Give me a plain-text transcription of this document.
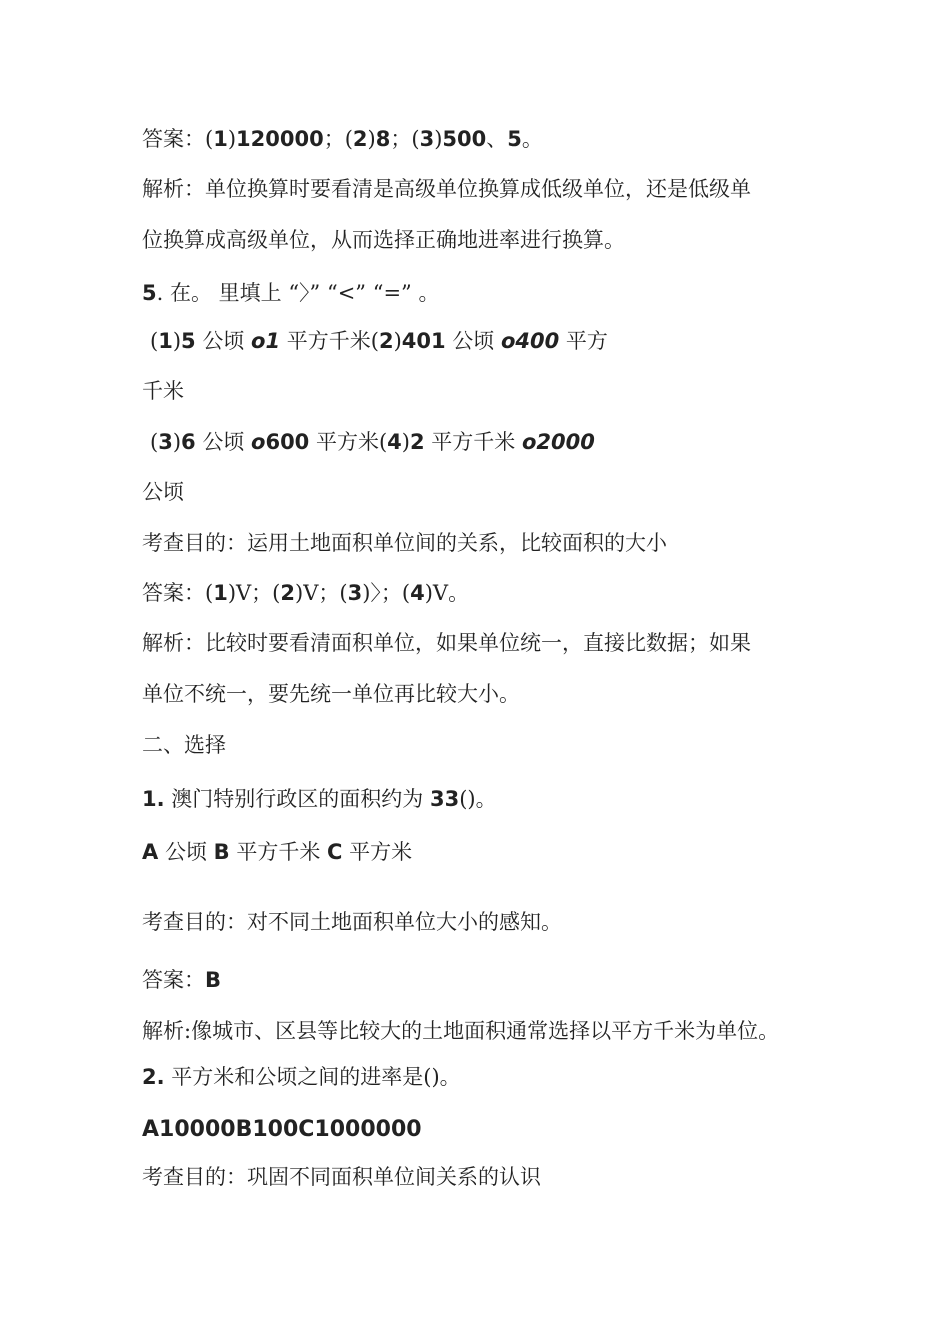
答案：(1)120000；(2)8；(3)500、5。

解析：单位换算时要看清是高级单位换算成低级单位，还是低级单

位换算成高级单位，从而选择正确地进率进行换算。

5. 在。 里填上 “〉” “<” “=” 。

(1)5 公顷 o1 平方千米(2)401 公顷 o400 平方

千米

(3)6 公顷 o600 平方米(4)2 平方千米 o2000

公顷

考查目的：运用土地面积单位间的关系，比较面积的大小

答案：(1)V；(2)V；(3)〉；(4)V。

解析：比较时要看清面积单位，如果单位统一，直接比数据；如果

单位不统一，要先统一单位再比较大小。

二、选择

1. 澳门特别行政区的面积约为 33()。

A 公顷 B 平方千米 C 平方米

考查目的：对不同土地面积单位大小的感知。

答案：B

解析:像城市、区县等比较大的土地面积通常选择以平方千米为单位。

2. 平方米和公顷之间的进率是()。

A10000B100C1000000

考查目的：巩固不同面积单位间关系的认识
